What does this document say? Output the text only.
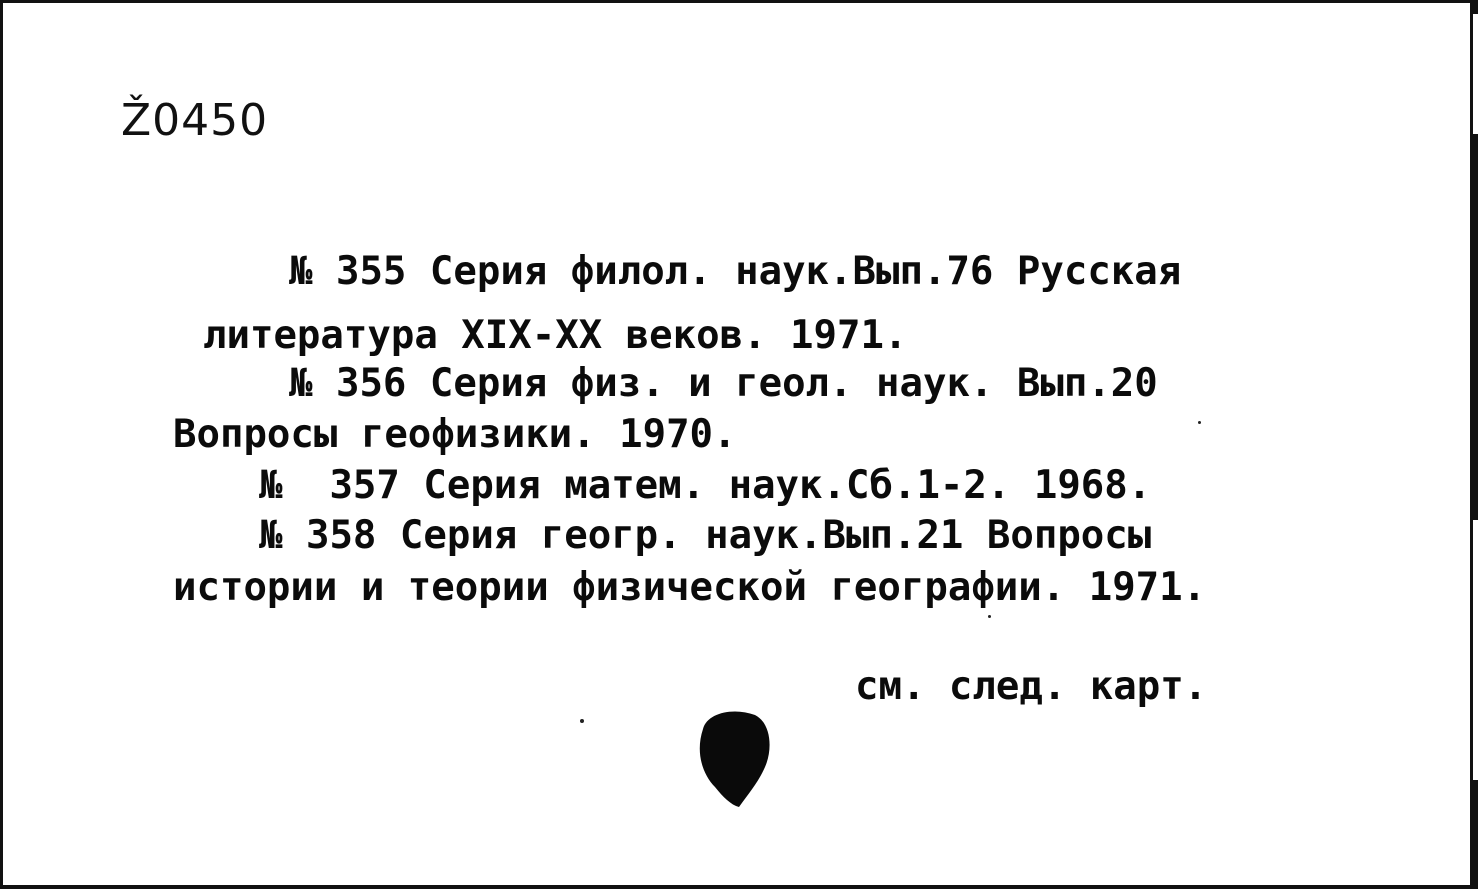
Ž0450
№ 355 Серия филол. наук.Вып.76 Русская
литература XIX-XX веков. 1971.
№ 356 Серия физ. и геол. наук. Вып.20
Вопросы геофизики. 1970.
№  357 Серия матем. наук.Сб.1-2. 1968.
№ 358 Серия геогр. наук.Вып.21 Вопросы
истории и теории физической географии. 1971.
см. след. карт.
